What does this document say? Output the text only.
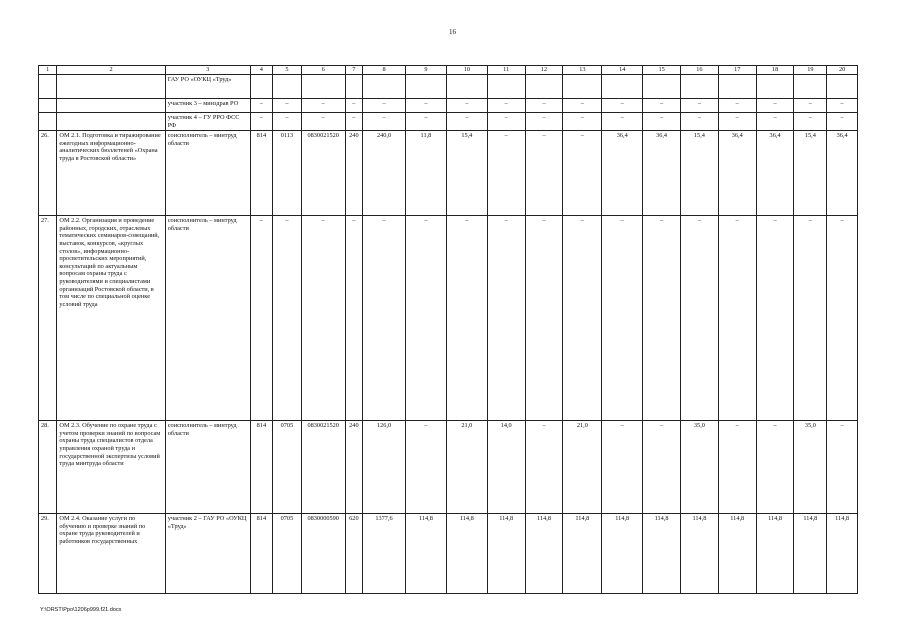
16
1	2	3	4	5	6	7	8	9	10	11	12	13	14	15	16	17	18	19	20
		ГАУ РО «ОУКЦ «Труд»																	
		участник 3 – минздрав РО	–	–	–	–	–	–	–	–	–	–	–	–	–	–	–	–	–
		участник 4 – ГУ РРО ФСС РФ	–	–	–	–	–	–	–	–	–	–	–	–	–	–	–	–	–
26.	ОМ 2.1. Подготовка и тиражирование ежегодных информационно-аналитических бюллетеней «Охрана труда в Ростовской области»	соисполнитель – минтруд области	814	0113	0830021520	240	240,0	11,8	15,4	–	–	–	36,4	36,4	15,4	36,4	36,4	15,4	36,4
27.	ОМ 2.2. Организация и проведение районных, городских, отраслевых тематических семинаров-совещаний, выставок, конкурсов, «круглых столов», информационно-просветительских мероприятий, консультаций по актуальным вопросам охраны труда с руководителями и специалистами организаций Ростовской области, в том числе по специальной оценке условий труда	соисполнитель – минтруд области	–	–	–	–	–	–	–	–	–	–	–	–	–	–	–	–	–
28.	ОМ 2.3. Обучение по охране труда с учетом проверки знаний по вопросам охраны труда специалистов отдела управления охраной труда и государственной экспертизы условий труда минтруда области	соисполнитель – минтруд области	814	0705	0830021520	240	126,0	–	21,0	14,0	–	21,0	–	–	35,0	–	–	35,0	–
29.	ОМ 2.4. Оказание услуги по обучению и проверке знаний по охране труда руководителей и работников государственных	участник 2 – ГАУ РО «ОУКЦ «Труд»	814	0705	0830000590	620	1377,6	114,8	114,8	114,8	114,8	114,8	114,8	114,8	114,8	114,8	114,8	114,8	114,8
Y:\ORST\Ppo\1206p999.f21.docx
